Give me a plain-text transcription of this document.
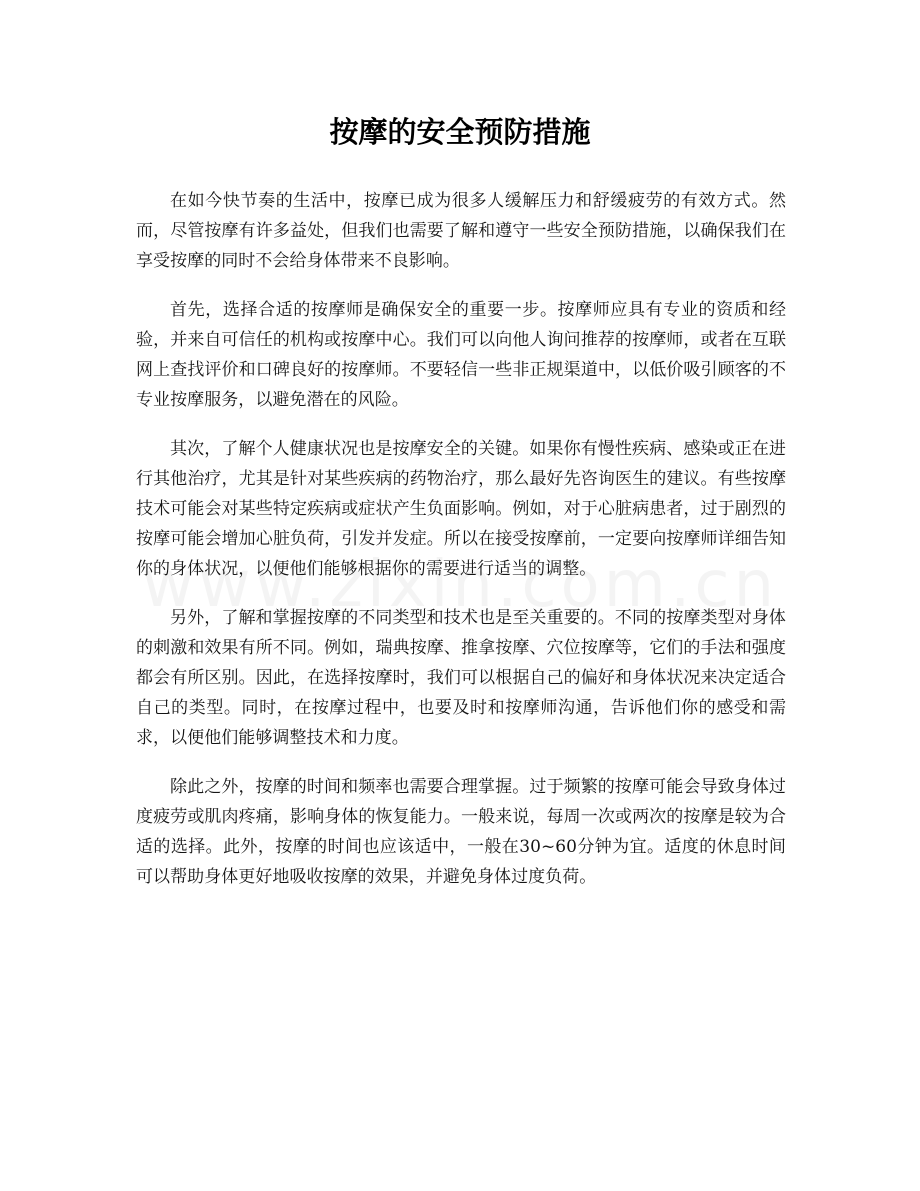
按摩的安全预防措施

在如今快节奏的生活中，按摩已成为很多人缓解压力和舒缓疲劳的有效方式。然而，尽管按摩有许多益处，但我们也需要了解和遵守一些安全预防措施，以确保我们在享受按摩的同时不会给身体带来不良影响。

首先，选择合适的按摩师是确保安全的重要一步。按摩师应具有专业的资质和经验，并来自可信任的机构或按摩中心。我们可以向他人询问推荐的按摩师，或者在互联网上查找评价和口碑良好的按摩师。不要轻信一些非正规渠道中，以低价吸引顾客的不专业按摩服务，以避免潜在的风险。

其次，了解个人健康状况也是按摩安全的关键。如果你有慢性疾病、感染或正在进行其他治疗，尤其是针对某些疾病的药物治疗，那么最好先咨询医生的建议。有些按摩技术可能会对某些特定疾病或症状产生负面影响。例如，对于心脏病患者，过于剧烈的按摩可能会增加心脏负荷，引发并发症。所以在接受按摩前，一定要向按摩师详细告知你的身体状况，以便他们能够根据你的需要进行适当的调整。

另外，了解和掌握按摩的不同类型和技术也是至关重要的。不同的按摩类型对身体的刺激和效果有所不同。例如，瑞典按摩、推拿按摩、穴位按摩等，它们的手法和强度都会有所区别。因此，在选择按摩时，我们可以根据自己的偏好和身体状况来决定适合自己的类型。同时，在按摩过程中，也要及时和按摩师沟通，告诉他们你的感受和需求，以便他们能够调整技术和力度。

除此之外，按摩的时间和频率也需要合理掌握。过于频繁的按摩可能会导致身体过度疲劳或肌肉疼痛，影响身体的恢复能力。一般来说，每周一次或两次的按摩是较为合适的选择。此外，按摩的时间也应该适中，一般在30~60分钟为宜。适度的休息时间可以帮助身体更好地吸收按摩的效果，并避免身体过度负荷。
